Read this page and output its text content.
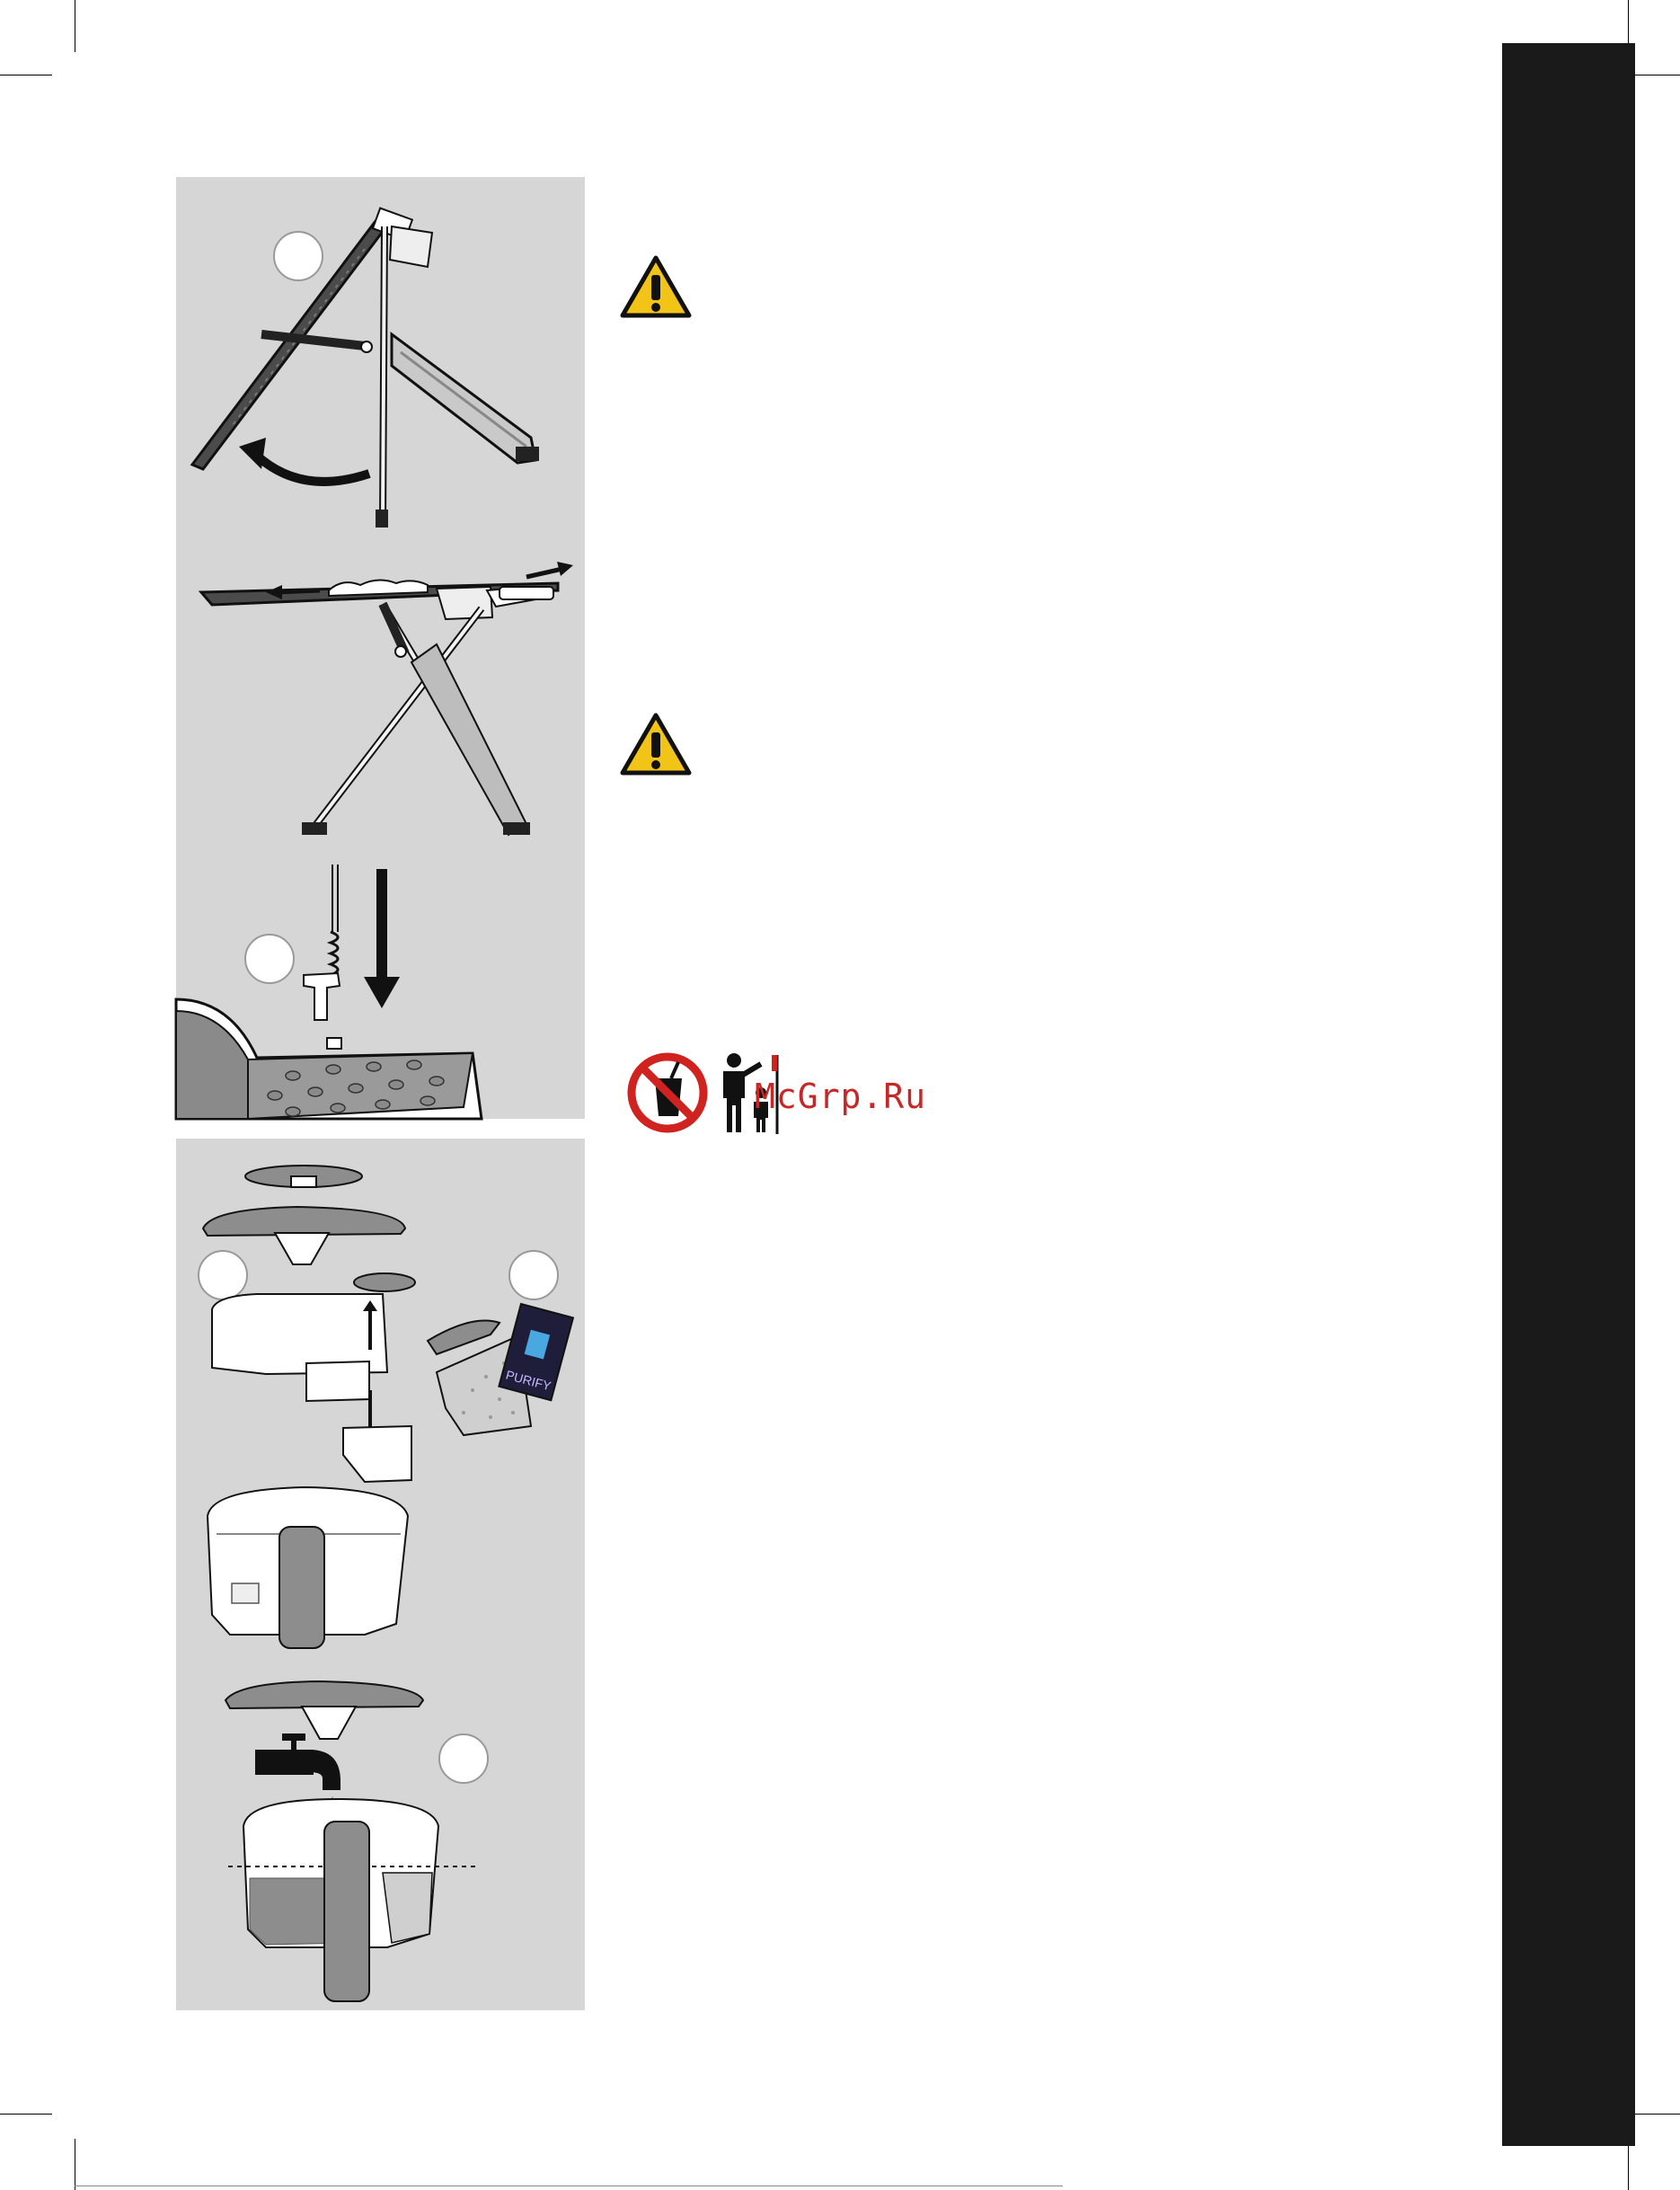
PURIFY
McGrp.Ru
